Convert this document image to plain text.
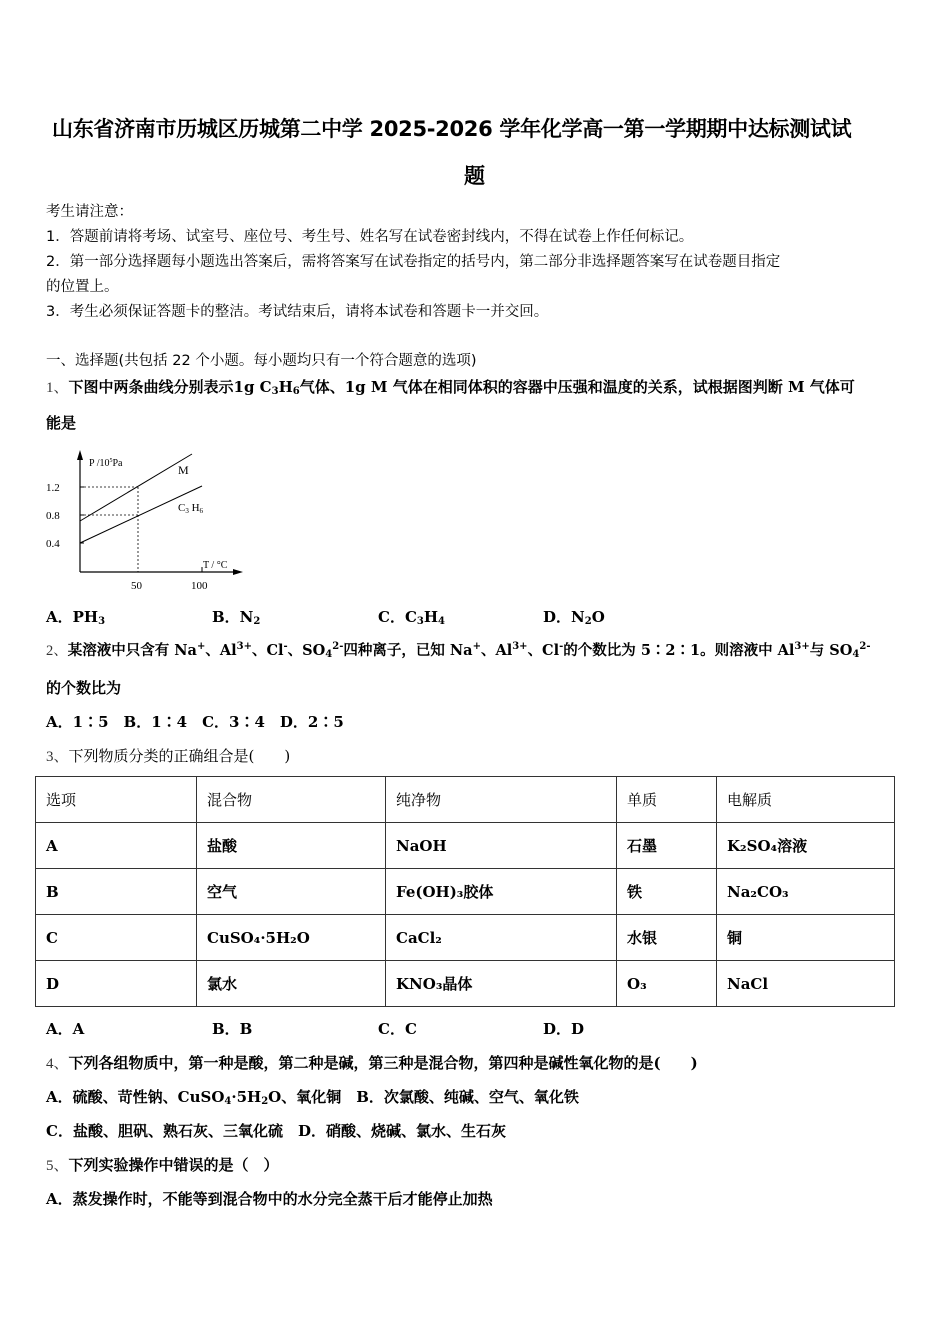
山东省济南市历城区历城第二中学 2025-2026 学年化学高一第一学期期中达标测试试
题
考生请注意：
1．答题前请将考场、试室号、座位号、考生号、姓名写在试卷密封线内，不得在试卷上作任何标记。
2．第一部分选择题每小题选出答案后，需将答案写在试卷指定的括号内，第二部分非选择题答案写在试卷题目指定
的位置上。
3．考生必须保证答题卡的整洁。考试结束后，请将本试卷和答题卡一并交回。
一、选择题(共包括 22 个小题。每小题均只有一个符合题意的选项)
1、下图中两条曲线分别表示1g $C_3H_6$气体、1g M 气体在相同体积的容器中压强和温度的关系，试根据图判断 M 气体可
能是
P $/10^5Pa$	M
C3 H6
1.2
0.8
0.4
50	100
T / °C
A．$PH_3$	B．$N_2$	C．$C_3H_4$	D．$N_2O$
2、某溶液中只含有 Na+、$Al^{3+}$、Cl-、$SO_4^{2-}$四种离子，已知 Na+、$Al^{3+}$、Cl-的个数比为 5∶2∶1。则溶液中 $Al^{3+}$与 $SO_4^{2-}$
的个数比为
A．1∶5　B．1∶4　C．3∶4　D．2∶5
3、下列物质分类的正确组合是(　　)
选项	混合物	纯净物	单质	电解质
A	盐酸	NaOH	石墨	K₂SO₄溶液
B	空气	Fe(OH)₃胶体	铁	Na₂CO₃
C	CuSO₄·5H₂O	CaCl₂	水银	铜
D	氯水	KNO₃晶体	O₃	NaCl
A．A	B．B	C．C	D．D
4、下列各组物质中，第一种是酸，第二种是碱，第三种是混合物，第四种是碱性氧化物的是(　　)
A．硫酸、苛性钠、$CuSO_4\cdot 5H_2O$、氧化铜　B．次氯酸、纯碱、空气、氧化铁
C．盐酸、胆矾、熟石灰、三氧化硫　D．硝酸、烧碱、氯水、生石灰
5、下列实验操作中错误的是（　）
A．蒸发操作时，不能等到混合物中的水分完全蒸干后才能停止加热
